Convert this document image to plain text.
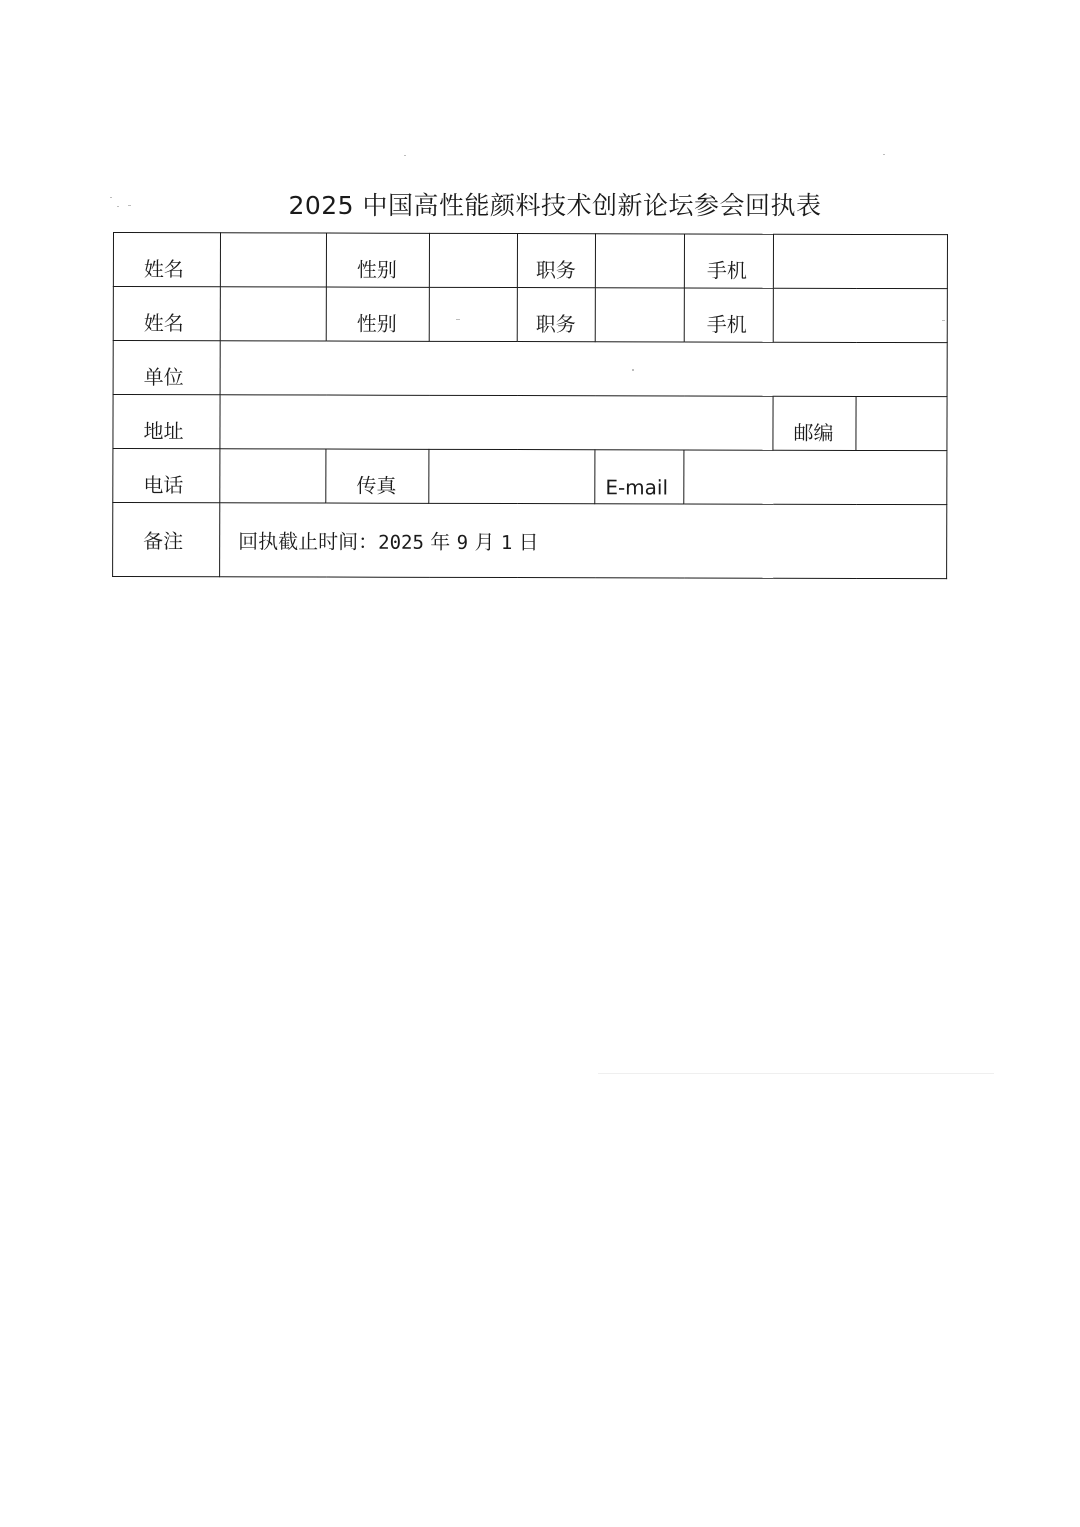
2025 中国高性能颜料技术创新论坛参会回执表
姓名		性别		职务		手机		
姓名		性别		职务		手机		
单位								
地址							邮编	
电话		传真			E-mail			
备注	回执截止时间：2025 年 9 月 1 日							
